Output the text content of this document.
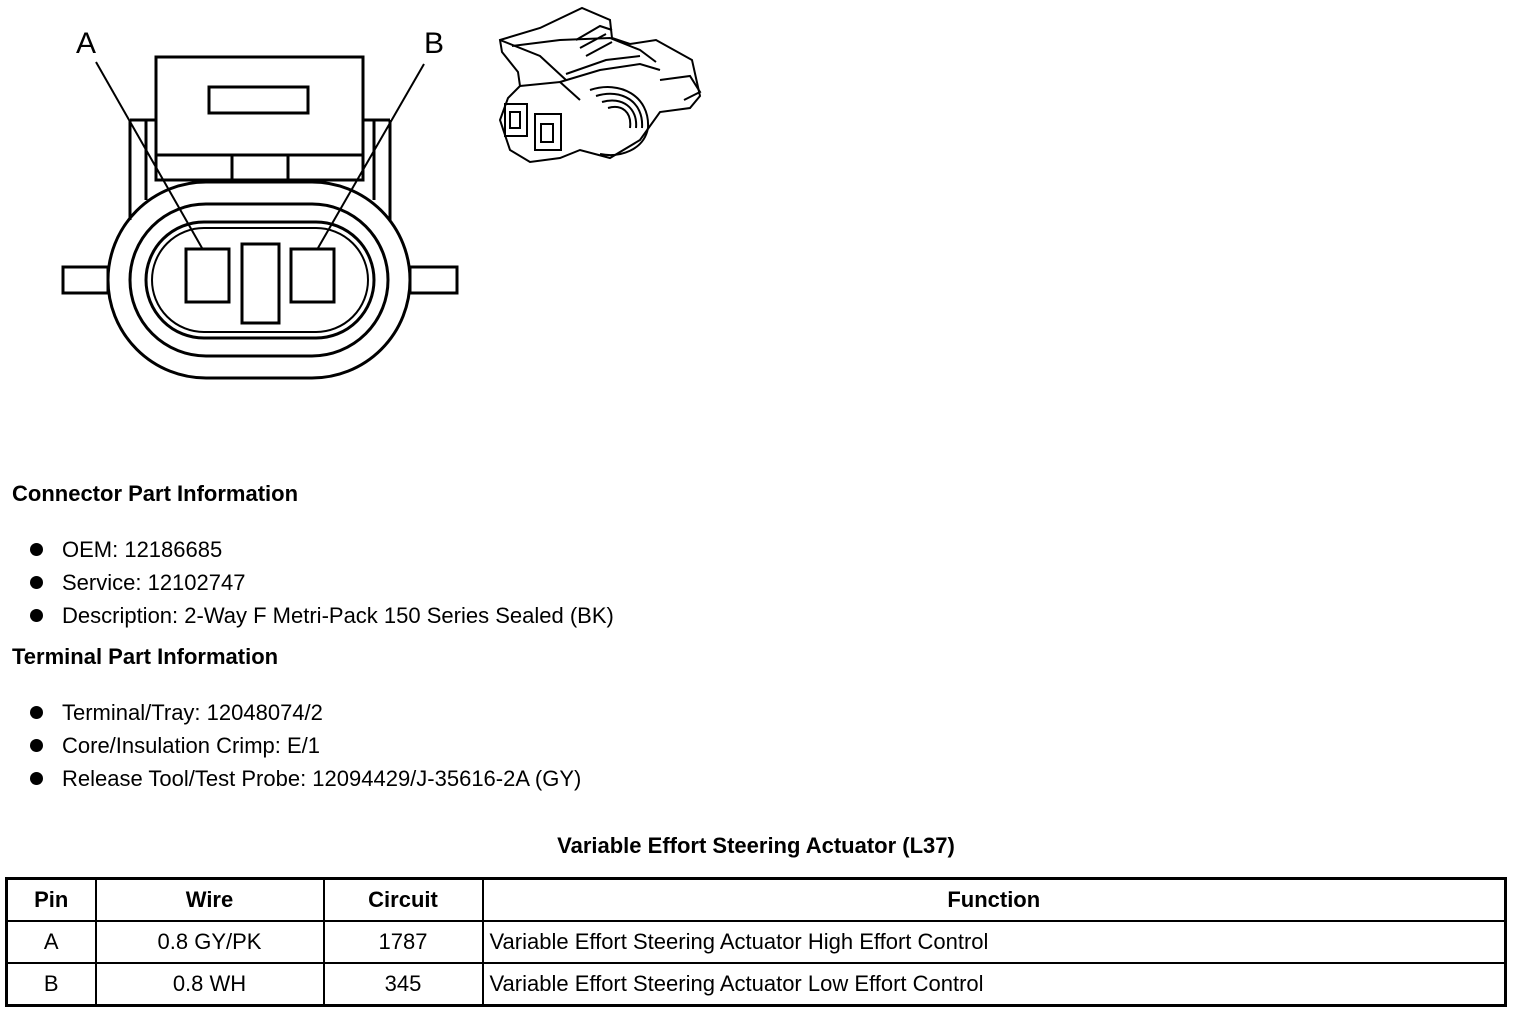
A	B
Connector Part Information
OEM: 12186685
Service: 12102747
Description: 2-Way F Metri-Pack 150 Series Sealed (BK)
Terminal Part Information
Terminal/Tray: 12048074/2
Core/Insulation Crimp: E/1
Release Tool/Test Probe: 12094429/J-35616-2A (GY)
Variable Effort Steering Actuator (L37)
Pin	Wire	Circuit	Function
A	0.8 GY/PK	1787	Variable Effort Steering Actuator High Effort Control
B	0.8 WH	345	Variable Effort Steering Actuator Low Effort Control
